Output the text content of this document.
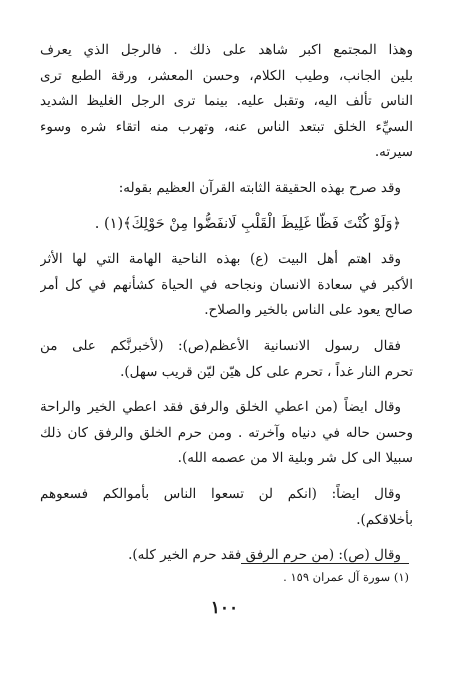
وهذا المجتمع اكبر شاهد على ذلك . فالرجل الذي يعرف
بلين الجانب، وطيب الكلام، وحسن المعشر، ورقة الطبع ترى
الناس تألف اليه، وتقبل عليه. بينما ترى الرجل الغليظ الشديد
السيِّء الخلق تبتعد الناس عنه، وتهرب منه اتقاء شره وسوء
سيرته.
وقد صرح بهذه الحقيقة الثابته القرآن العظيم بقوله:
﴿وَلَوْ كُنْتَ فَظًّا غَلِيظَ الْقَلْبِ لَانفَضُّوا مِنْ حَوْلِكَ﴾(١) .
وقد اهتم أهل البيت (ع) بهذه الناحية الهامة التي لها الأثر
الأكبر في سعادة الانسان ونجاحه في الحياة كشأنهم في كل أمر
صالح يعود على الناس بالخير والصلاح.
فقال رسول الانسانية الأعظم(ص): (لأخبرنَّكم على من
تحرم النار غداً ، تحرم على كل هيّن ليّن قريب سهل).
وقال ايضاً (من اعطي الخلق والرفق فقد اعطي الخير والراحة
وحسن حاله في دنياه وآخرته . ومن حرم الخلق والرفق كان ذلك
سبيلا الى كل شر وبلية الا من عصمه الله).
وقال ايضاً: (انكم لن تسعوا الناس بأموالكم فسعوهم
بأخلاقكم).
وقال (ص): (من حرم الرفق فقد حرم الخير كله).
(١) سورة آل عمران ١٥٩ .
١٠٠
